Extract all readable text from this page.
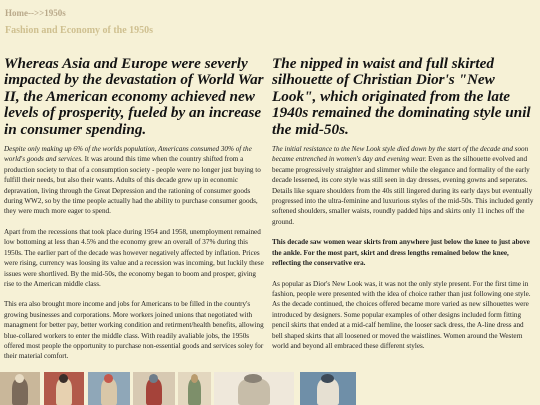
Home-->>1950s
Fashion and Economy of the 1950s
Whereas Asia and Europe were severly impacted by the devastation of World War II, the American economy achieved new levels of prosperity, fueled by an increase in consumer spending.
Despite only making up 6% of the worlds population, Americans consumed 30% of the world's goods and services. It was around this time when the country shifted from a production society to that of a consumption society - people were no longer just buying to fulfill their needs, but also their wants. Adults of this decade grew up in economic depravation, living through the Great Depression and the rationing of consumer goods during WW2, so by the time people actually had the ability to purchase consumer goods, they were much more eager to spend.
Apart from the recessions that took place during 1954 and 1958, unemployment remained low bottoming at less than 4.5% and the economy grew an overall of 37% during this 1950s. The earlier part of the decade was however negatively affected by inflation. Prices were rising, currency was loosing its value and a recession was incoming, but luckily these issues were shortlived. By the mid-50s, the economy began to boom and prosper, giving rise to the American middle class.
This era also brought more income and jobs for Americans to be filled in the country's growing businesses and corporations. More workers joined unions that negotiated with managment for better pay, better working condition and retirment/health benefits, allowing blue-collared workers to enter the middle class. With readily avaliable jobs, the 1950s offered most people the opportunity to purchase non-essential goods and services soley for their material comfort.
The nipped in waist and full skirted silhouette of Christian Dior's "New Look", which originated from the late 1940s remained the dominating style unil the mid-50s.
The initial resistance to the New Look style died down by the start of the decade and soon became entrenched in women's day and evening wear. Even as the silhouette evolved and became progressively straighter and slimmer while the elegance and formality of the early decade lessened, its core style was still seen in day dresses, evening gowns and seperates. Details like square shoulders from the 40s still lingered during its early days but eventually progressed into the ultra-feminine and luxurious styles of the mid-50s. This included gently softened shoulders, smaller waists, roundly padded hips and skirts only 11 inches off the ground.
This decade saw women wear skirts from anywhere just below the knee to just above the ankle. For the most part, skirt and dress lengths remained below the knee, reflecting the conservative era.
As popular as Dior's New Look was, it was not the only style present. For the first time in fashion, people were presented with the idea of choice rather than just following one style. As the decade continued, the choices offered became more varied as new silhouettes were introduced by designers. Some popular examples of other designs included form fitting pencil skirts that ended at a mid-calf hemline, the looser sack dress, the A-line dress and bell shaped skirts that all loosened or moved the waistlines. Women around the Western world and beyond all embraced these different styles.
